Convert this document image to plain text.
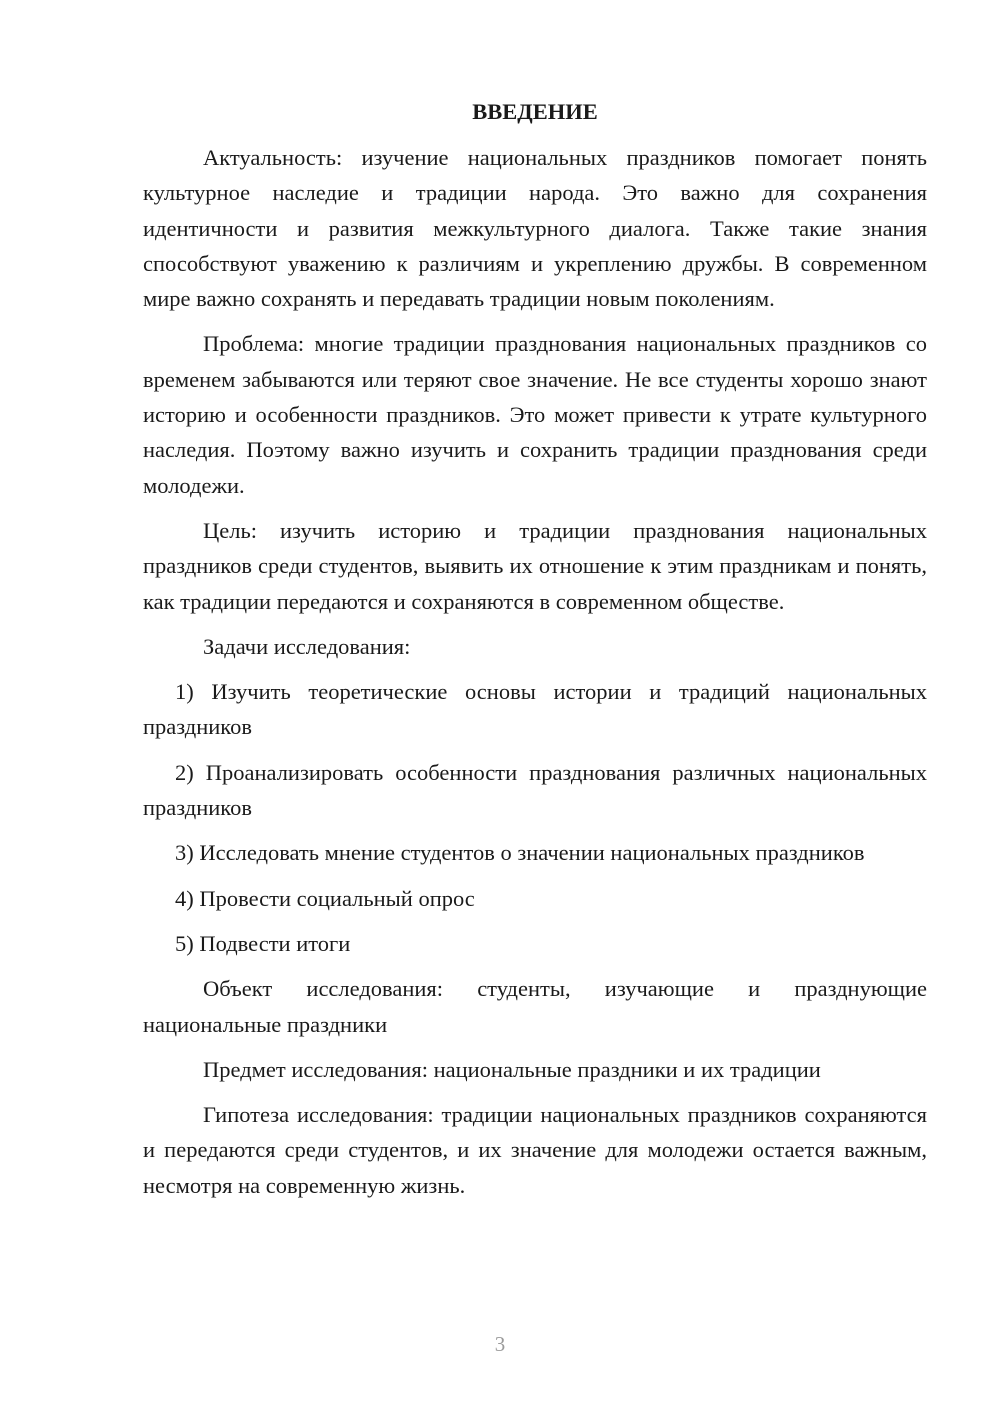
ВВЕДЕНИЕ

Актуальность: изучение национальных праздников помогает понять культурное наследие и традиции народа. Это важно для сохранения идентичности и развития межкультурного диалога. Также такие знания способствуют уважению к различиям и укреплению дружбы. В современном мире важно сохранять и передавать традиции новым поколениям.

Проблема: многие традиции празднования национальных праздников со временем забываются или теряют свое значение. Не все студенты хорошо знают историю и особенности праздников. Это может привести к утрате культурного наследия. Поэтому важно изучить и сохранить традиции празднования среди молодежи.

Цель: изучить историю и традиции празднования национальных праздников среди студентов, выявить их отношение к этим праздникам и понять, как традиции передаются и сохраняются в современном обществе.

Задачи исследования:

1) Изучить теоретические основы истории и традиций национальных праздников

2) Проанализировать особенности празднования различных национальных праздников

3) Исследовать мнение студентов о значении национальных праздников

4) Провести социальный опрос

5) Подвести итоги

Объект исследования: студенты, изучающие и празднующие национальные праздники

Предмет исследования: национальные праздники и их традиции

Гипотеза исследования: традиции национальных праздников сохраняются и передаются среди студентов, и их значение для молодежи остается важным, несмотря на современную жизнь.

3
